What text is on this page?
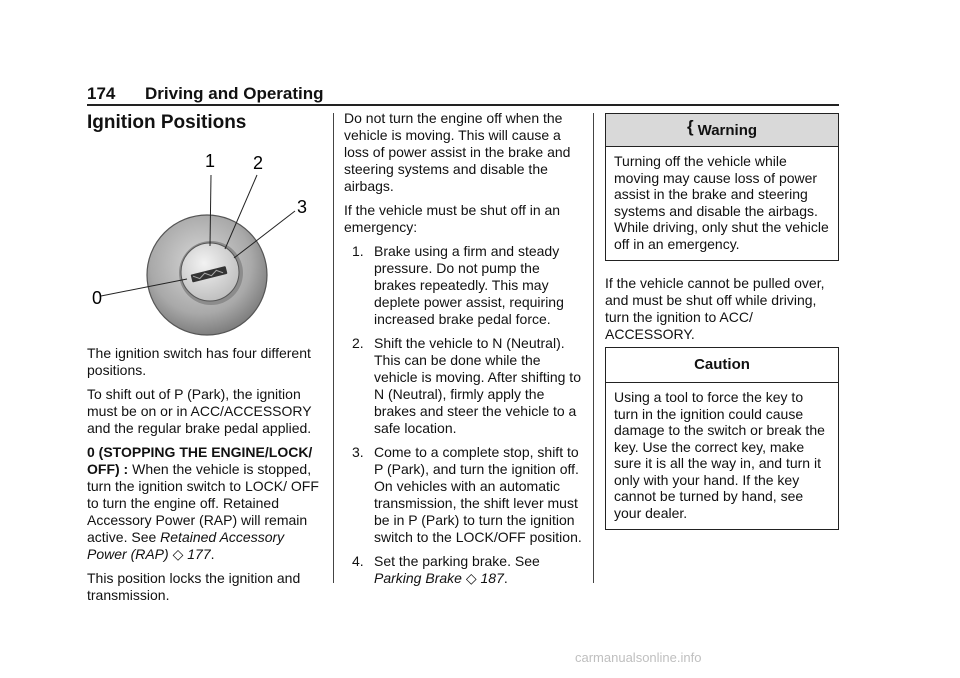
174 Driving and Operating
Ignition Positions
0
1 2
3

The ignition switch has four different positions.

To shift out of P (Park), the ignition must be on or in ACC/ACCESSORY and the regular brake pedal applied.

0 (STOPPING THE ENGINE/LOCK/ OFF) : When the vehicle is stopped, turn the ignition switch to LOCK/ OFF to turn the engine off. Retained Accessory Power (RAP) will remain active. See Retained Accessory Power (RAP) ◇ 177.

This position locks the ignition and transmission.

Do not turn the engine off when the vehicle is moving. This will cause a loss of power assist in the brake and steering systems and disable the airbags.

If the vehicle must be shut off in an emergency:

1. Brake using a firm and steady pressure. Do not pump the brakes repeatedly. This may deplete power assist, requiring increased brake pedal force.
2. Shift the vehicle to N (Neutral). This can be done while the vehicle is moving. After shifting to N (Neutral), firmly apply the brakes and steer the vehicle to a safe location.
3. Come to a complete stop, shift to P (Park), and turn the ignition off. On vehicles with an automatic transmission, the shift lever must be in P (Park) to turn the ignition switch to the LOCK/OFF position.
4. Set the parking brake. See Parking Brake ◇ 187.
{ Warning
Turning off the vehicle while moving may cause loss of power assist in the brake and steering systems and disable the airbags. While driving, only shut the vehicle off in an emergency.

If the vehicle cannot be pulled over, and must be shut off while driving, turn the ignition to ACC/ ACCESSORY.

Caution
Using a tool to force the key to turn in the ignition could cause damage to the switch or break the key. Use the correct key, make sure it is all the way in, and turn it only with your hand. If the key cannot be turned by hand, see your dealer.
carmanualsonline.info
